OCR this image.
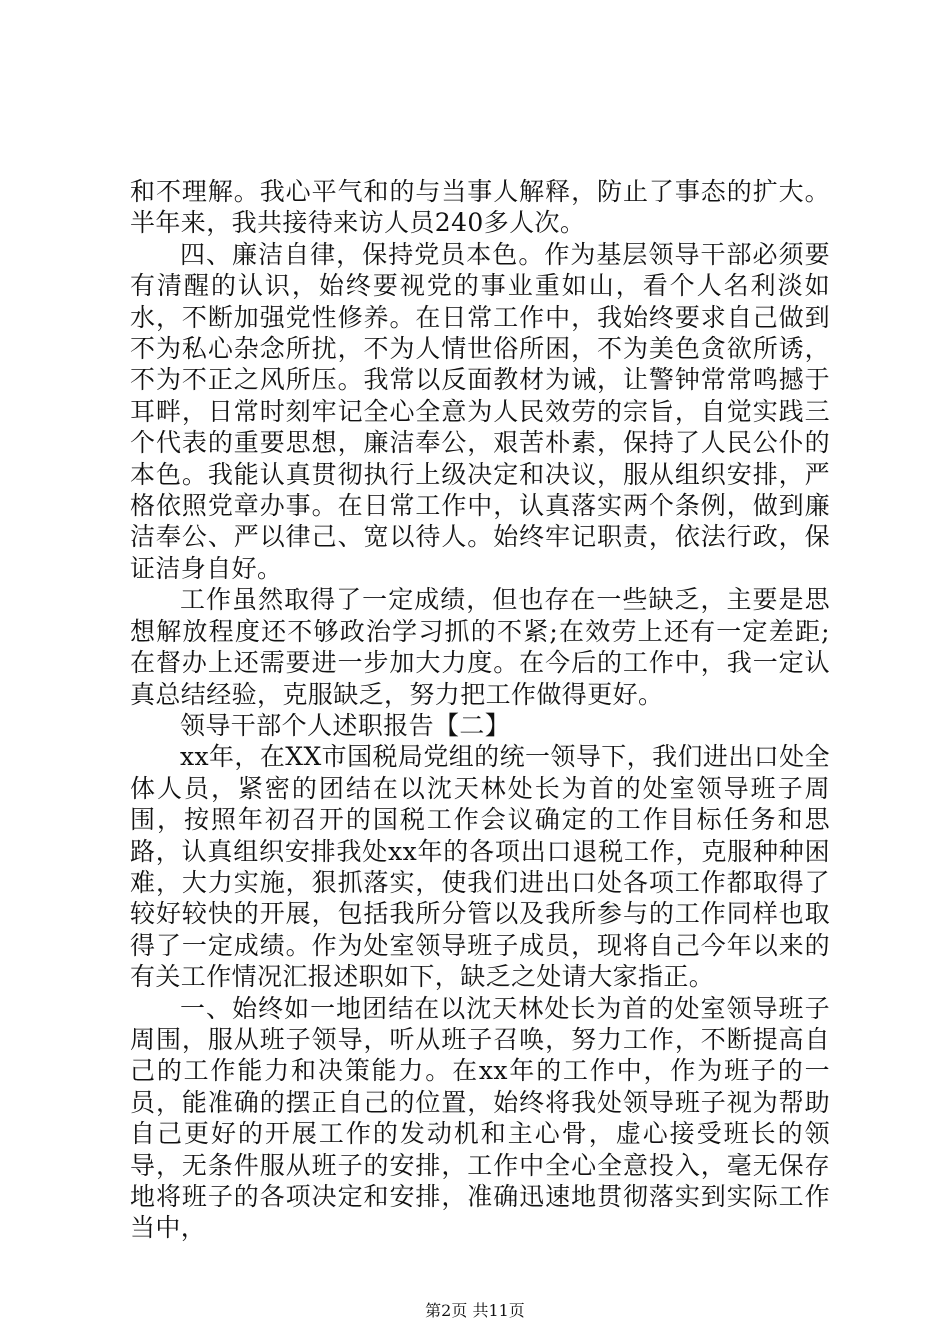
和不理解。我心平气和的与当事人解释，防止了事态的扩大。半年来，我共接待来访人员240多人次。

四、廉洁自律，保持党员本色。作为基层领导干部必须要有清醒的认识，始终要视党的事业重如山，看个人名利淡如水，不断加强党性修养。在日常工作中，我始终要求自己做到不为私心杂念所扰，不为人情世俗所困，不为美色贪欲所诱，不为不正之风所压。我常以反面教材为诫，让警钟常常鸣撼于耳畔，日常时刻牢记全心全意为人民效劳的宗旨，自觉实践三个代表的重要思想，廉洁奉公，艰苦朴素，保持了人民公仆的本色。我能认真贯彻执行上级决定和决议，服从组织安排，严格依照党章办事。在日常工作中，认真落实两个条例，做到廉洁奉公、严以律己、宽以待人。始终牢记职责，依法行政，保证洁身自好。

工作虽然取得了一定成绩，但也存在一些缺乏，主要是思想解放程度还不够政治学习抓的不紧;在效劳上还有一定差距;在督办上还需要进一步加大力度。在今后的工作中，我一定认真总结经验，克服缺乏，努力把工作做得更好。

领导干部个人述职报告【二】

xx年，在XX市国税局党组的统一领导下，我们进出口处全体人员，紧密的团结在以沈天林处长为首的处室领导班子周围，按照年初召开的国税工作会议确定的工作目标任务和思路，认真组织安排我处xx年的各项出口退税工作，克服种种困难，大力实施，狠抓落实，使我们进出口处各项工作都取得了较好较快的开展，包括我所分管以及我所参与的工作同样也取得了一定成绩。作为处室领导班子成员，现将自己今年以来的有关工作情况汇报述职如下，缺乏之处请大家指正。

一、始终如一地团结在以沈天林处长为首的处室领导班子周围，服从班子领导，听从班子召唤，努力工作，不断提高自己的工作能力和决策能力。在xx年的工作中，作为班子的一员，能准确的摆正自己的位置，始终将我处领导班子视为帮助自己更好的开展工作的发动机和主心骨，虚心接受班长的领导，无条件服从班子的安排，工作中全心全意投入，毫无保存地将班子的各项决定和安排，准确迅速地贯彻落实到实际工作当中，

第2页 共11页
